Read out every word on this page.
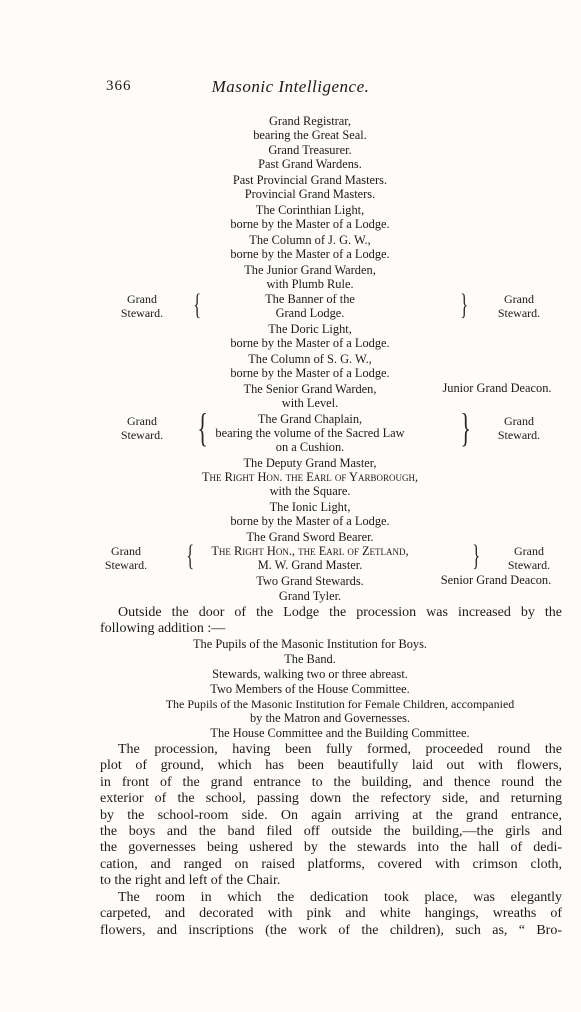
366	Masonic Intelligence.
Grand Registrar,
bearing the Great Seal.
Grand Treasurer.
Past Grand Wardens.
Past Provincial Grand Masters.
Provincial Grand Masters.
The Corinthian Light,
borne by the Master of a Lodge.
The Column of J. G. W.,
borne by the Master of a Lodge.
The Junior Grand Warden,
with Plumb Rule.
Grand
Steward. {	The Banner of the
Grand Lodge.	}	Grand
Steward.
The Doric Light,
borne by the Master of a Lodge.
The Column of S. G. W.,
borne by the Master of a Lodge.
The Senior Grand Warden,	Junior Grand Deacon.
with Level.
Grand
Steward. {	The Grand Chaplain,
bearing the volume of the Sacred Law
on a Cushion.	}	Grand
Steward.
The Deputy Grand Master,
The Right Hon. the Earl of Yarborough,
with the Square.
The Ionic Light,
borne by the Master of a Lodge.
The Grand Sword Bearer.
Grand
Steward. {	The Right Hon., the Earl of Zetland,
M. W. Grand Master.	}	Grand
Steward.
Two Grand Stewards.	Senior Grand Deacon.
Grand Tyler.
Outside the door of the Lodge the procession was increased by the
following addition :—
The Pupils of the Masonic Institution for Boys.
The Band.
Stewards, walking two or three abreast.
Two Members of the House Committee.
The Pupils of the Masonic Institution for Female Children, accompanied
by the Matron and Governesses.
The House Committee and the Building Committee.
The procession, having been fully formed, proceeded round the
plot of ground, which has been beautifully laid out with flowers,
in front of the grand entrance to the building, and thence round the
exterior of the school, passing down the refectory side, and returning
by the school-room side. On again arriving at the grand entrance,
the boys and the band filed off outside the building,—the girls and
the governesses being ushered by the stewards into the hall of dedi-
cation, and ranged on raised platforms, covered with crimson cloth,
to the right and left of the Chair.
The room in which the dedication took place, was elegantly
carpeted, and decorated with pink and white hangings, wreaths of
flowers, and inscriptions (the work of the children), such as, “ Bro-
